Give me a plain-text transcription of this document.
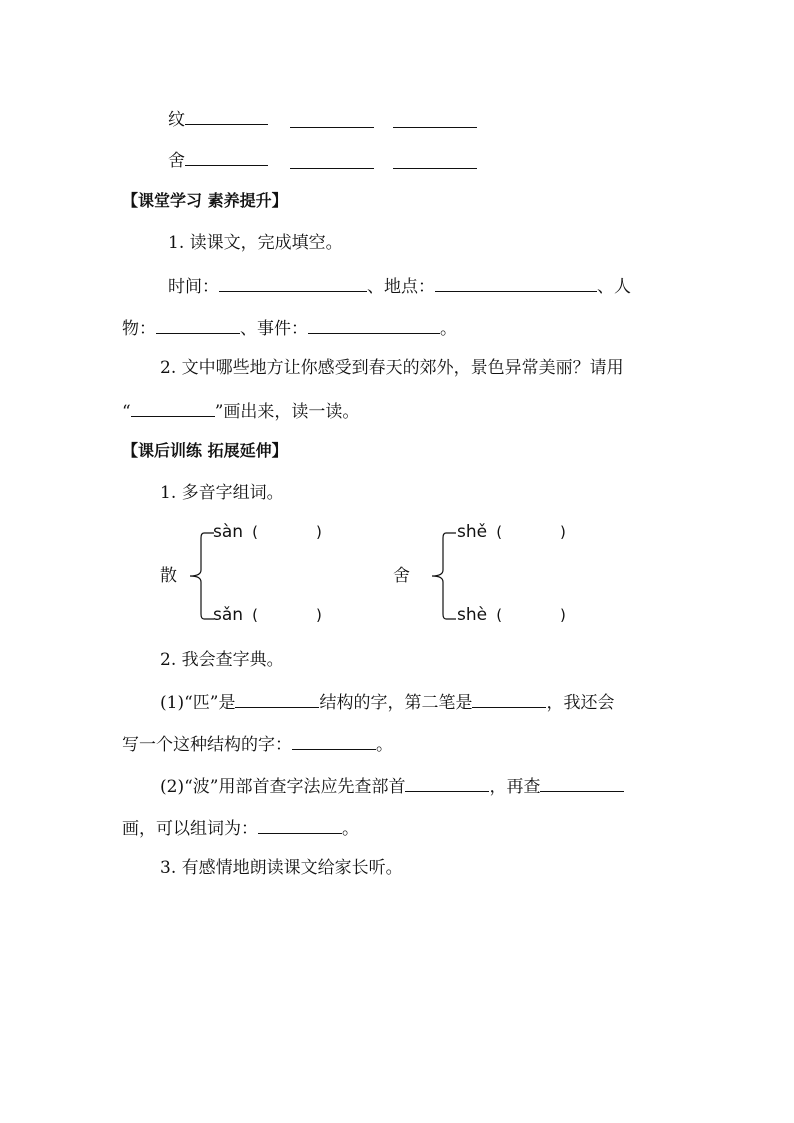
纹
舍
【课堂学习 素养提升】
1. 读课文，完成填空。
时间：	、地点：	、人
物：	、事件：	。
2. 文中哪些地方让你感受到春天的郊外，景色异常美丽？请用
“	”画出来，读一读。
【课后训练 拓展延伸】
1. 多音字组词。
散
sàn (	)
sǎn (	)
舍
shě (	)
shè (	)
2. 我会查字典。
(1)“匹”是	结构的字，第二笔是	，我还会
写一个这种结构的字：	。
(2)“波”用部首查字法应先查部首	，再查
画，可以组词为：	。
3. 有感情地朗读课文给家长听。
